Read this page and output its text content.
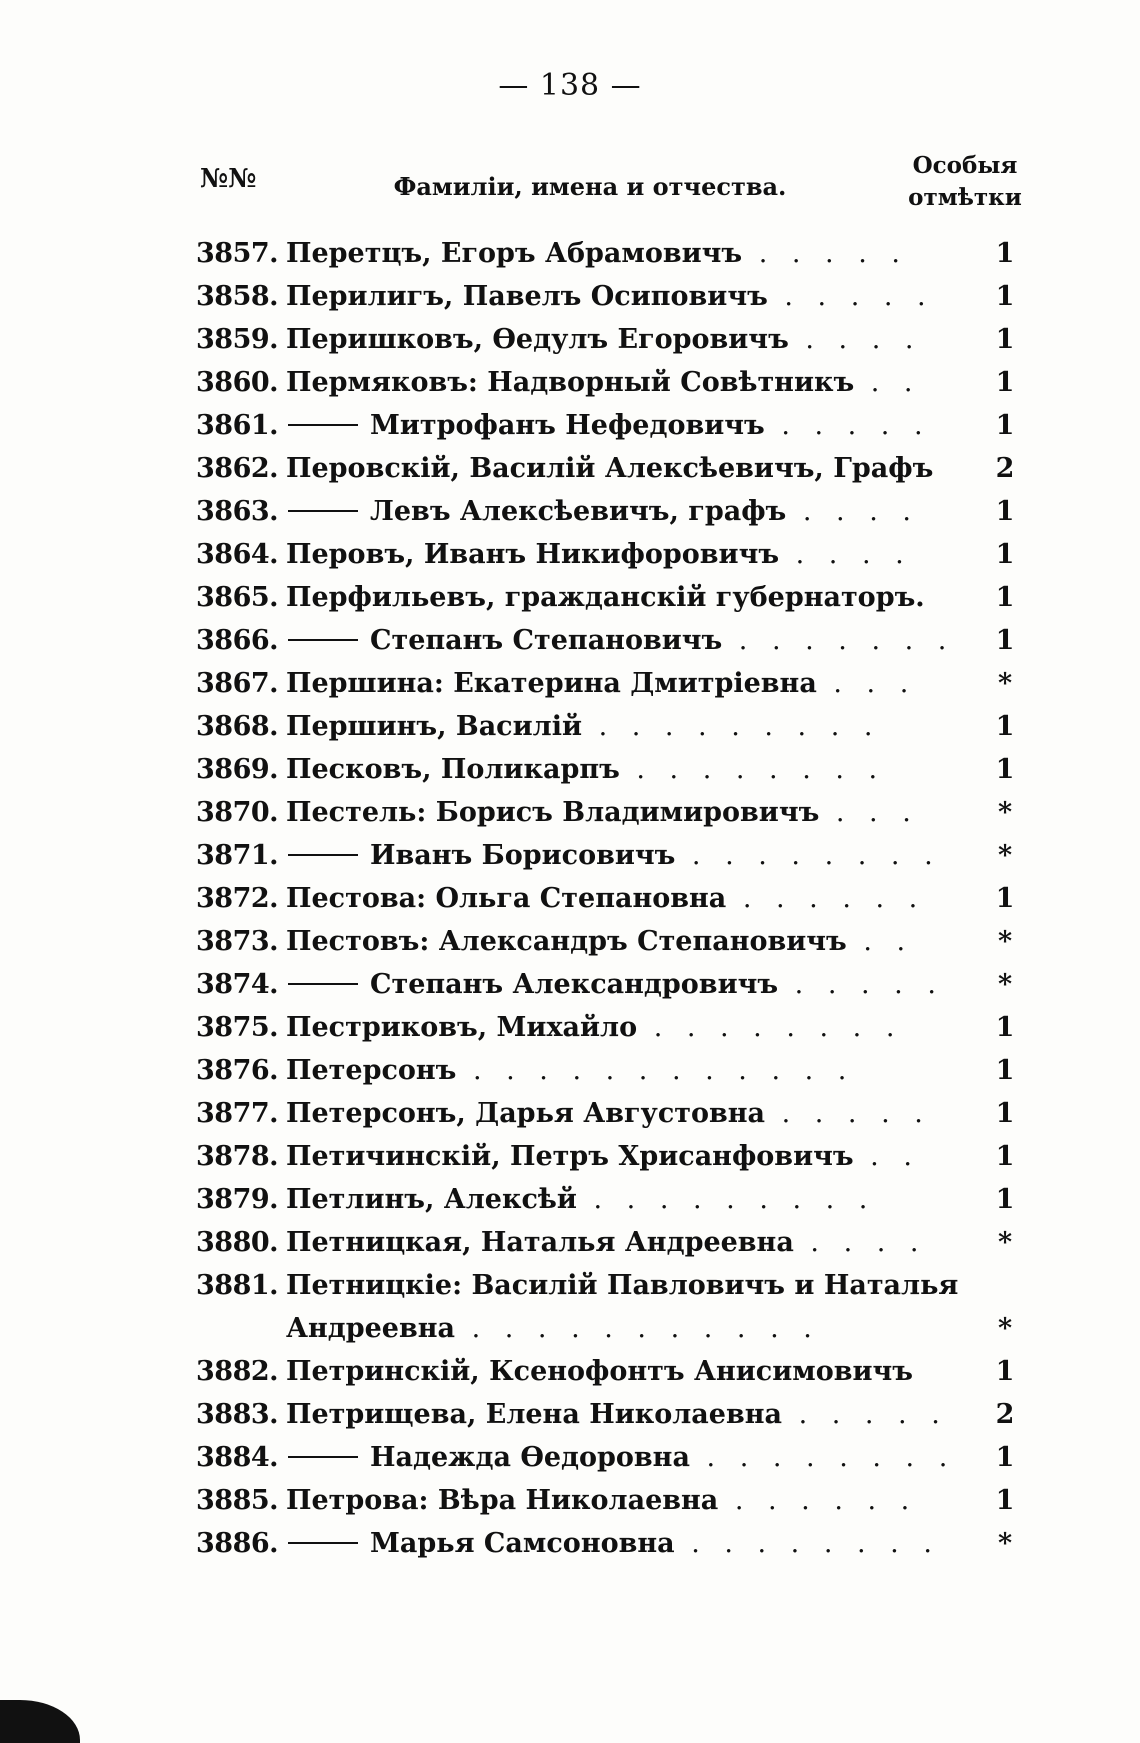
— 138 —
№№	Фамиліи, имена и отчества.
Особыя
отмѣтки
3857. Перетцъ, Егоръ Абрамовичъ . . . . .	1
3858. Перилигъ, Павелъ Осиповичъ . . . . .	1
3859. Перишковъ, Ѳедулъ Егоровичъ . . . .	1
3860. Пермяковъ: Надворный Совѣтникъ . .	1
3861.	Митрофанъ Нефедовичъ . . . . .	1
3862. Перовскій, Василій Алексѣевичъ, Графъ	2
3863.	Левъ Алексѣевичъ, графъ . . . .	1
3864. Перовъ, Иванъ Никифоровичъ . . . .	1
3865. Перфильевъ, гражданскій губернаторъ.	1
3866.	Степанъ Степановичъ . . . . . . .	1
3867. Першина: Екатерина Дмитріевна . . .	*
3868. Першинъ, Василій . . . . . . . . .	1
3869. Песковъ, Поликарпъ . . . . . . . .	1
3870. Пестель: Борисъ Владимировичъ . . .	*
3871.	Иванъ Борисовичъ . . . . . . . .	*
3872. Пестова: Ольга Степановна . . . . . .	1
3873. Пестовъ: Александръ Степановичъ . .	*
3874.	Степанъ Александровичъ . . . . .	*
3875. Пестриковъ, Михайло . . . . . . . .	1
3876. Петерсонъ . . . . . . . . . . . .	1
3877. Петерсонъ, Дарья Августовна . . . . .	1
3878. Петичинскій, Петръ Хрисанфовичъ . .	1
3879. Петлинъ, Алексѣй . . . . . . . . .	1
3880. Петницкая, Наталья Андреевна . . . .	*
3881. Петницкіе: Василій Павловичъ и Наталья Андреевна . . . . . . . . . . .	*
3882. Петринскій, Ксенофонтъ Анисимовичъ	1
3883. Петрищева, Елена Николаевна . . . . .	2
3884.	Надежда Ѳедоровна . . . . . . . .	1
3885. Петрова: Вѣра Николаевна . . . . . .	1
3886.	Марья Самсоновна . . . . . . . .	*
